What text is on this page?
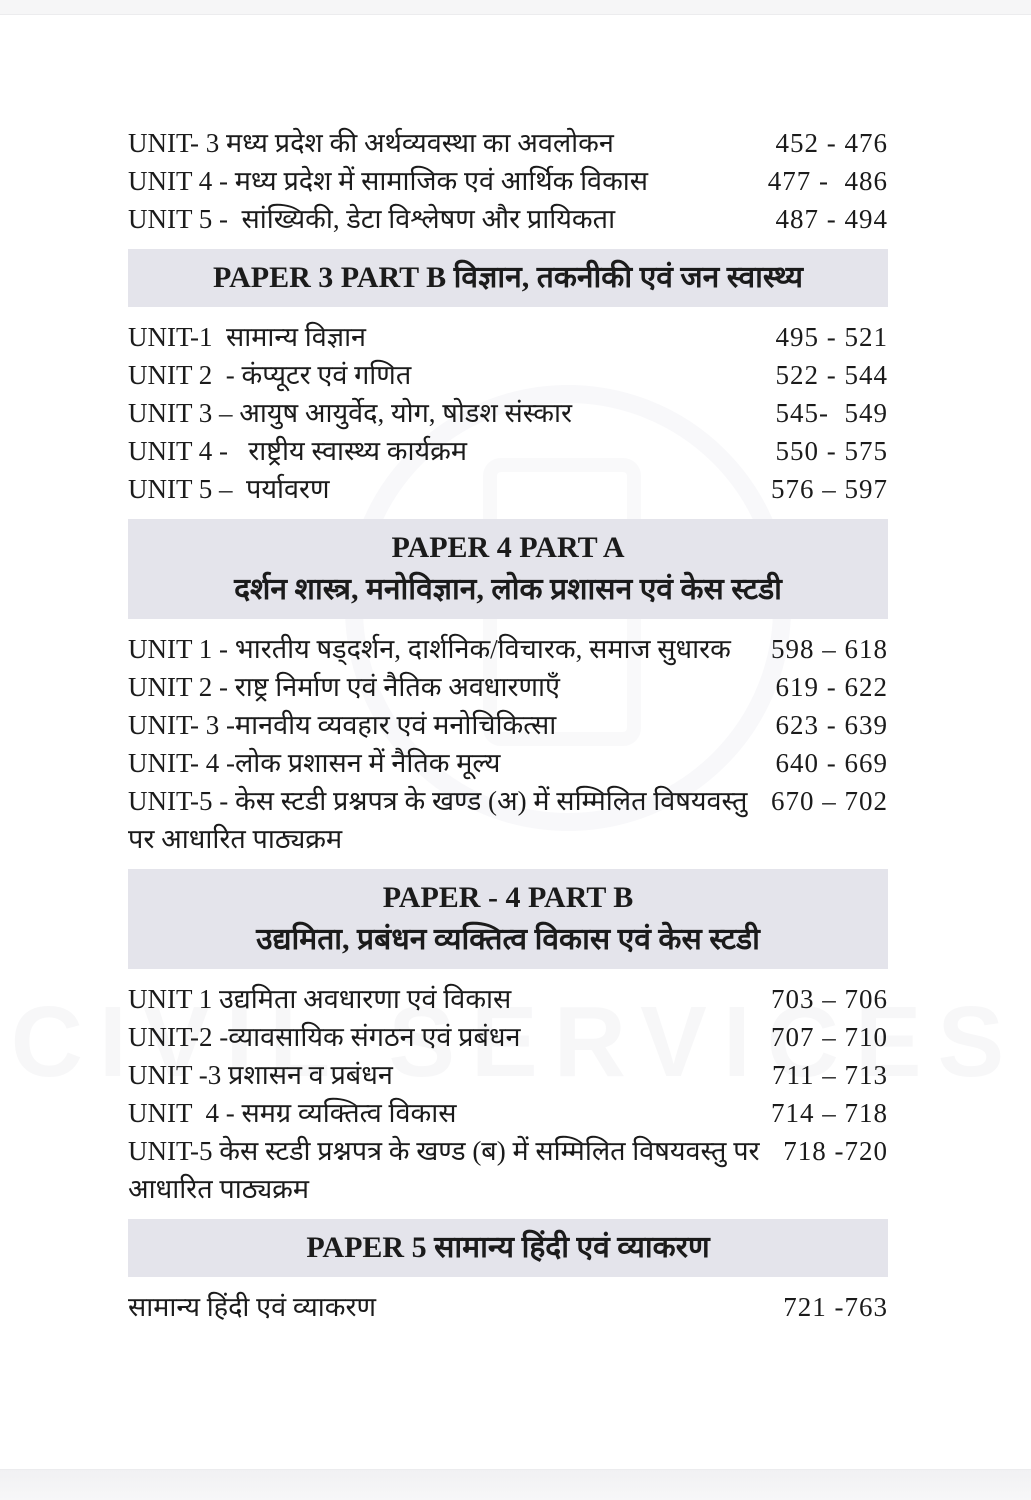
UNIT- 3 मध्य प्रदेश की अर्थव्यवस्था का अवलोकन	452 - 476
UNIT 4 - मध्य प्रदेश में सामाजिक एवं आर्थिक विकास	477 -  486
UNIT 5 -  सांख्यिकी, डेटा विश्लेषण और प्रायिकता	487 - 494
PAPER 3 PART B विज्ञान, तकनीकी एवं जन स्वास्थ्य
UNIT-1  सामान्य विज्ञान	495 - 521
UNIT 2  - कंप्यूटर एवं गणित	522 - 544
UNIT 3 – आयुष आयुर्वेद, योग, षोडश संस्कार	545-  549
UNIT 4 -   राष्ट्रीय स्वास्थ्य कार्यक्रम	550 - 575
UNIT 5 –  पर्यावरण	576 – 597
PAPER 4 PART A
दर्शन शास्त्र, मनोविज्ञान, लोक प्रशासन एवं केस स्टडी
UNIT 1 - भारतीय षड्दर्शन, दार्शनिक/विचारक, समाज सुधारक 598 – 618
UNIT 2 - राष्ट्र निर्माण एवं नैतिक अवधारणाएँ	619 - 622
UNIT- 3 -मानवीय व्यवहार एवं मनोचिकित्सा	623 - 639
UNIT- 4 -लोक प्रशासन में नैतिक मूल्य	640 - 669
UNIT-5 - केस स्टडी प्रश्नपत्र के खण्ड (अ) में सम्मिलित विषयवस्तु पर आधारित पाठ्यक्रम
670 – 702
PAPER - 4 PART B
उद्यमिता, प्रबंधन व्यक्तित्व विकास एवं केस स्टडी
UNIT 1 उद्यमिता अवधारणा एवं विकास	703 – 706
UNIT-2 -व्यावसायिक संगठन एवं प्रबंधन	707 – 710
UNIT -3 प्रशासन व प्रबंधन	711 – 713
UNIT  4 - समग्र व्यक्तित्व विकास	714 – 718
UNIT-5 केस स्टडी प्रश्नपत्र के खण्ड (ब) में सम्मिलित विषयवस्तु पर आधारित पाठ्यक्रम
718 -720
PAPER 5 सामान्य हिंदी एवं व्याकरण
सामान्य हिंदी एवं व्याकरण	721 -763
